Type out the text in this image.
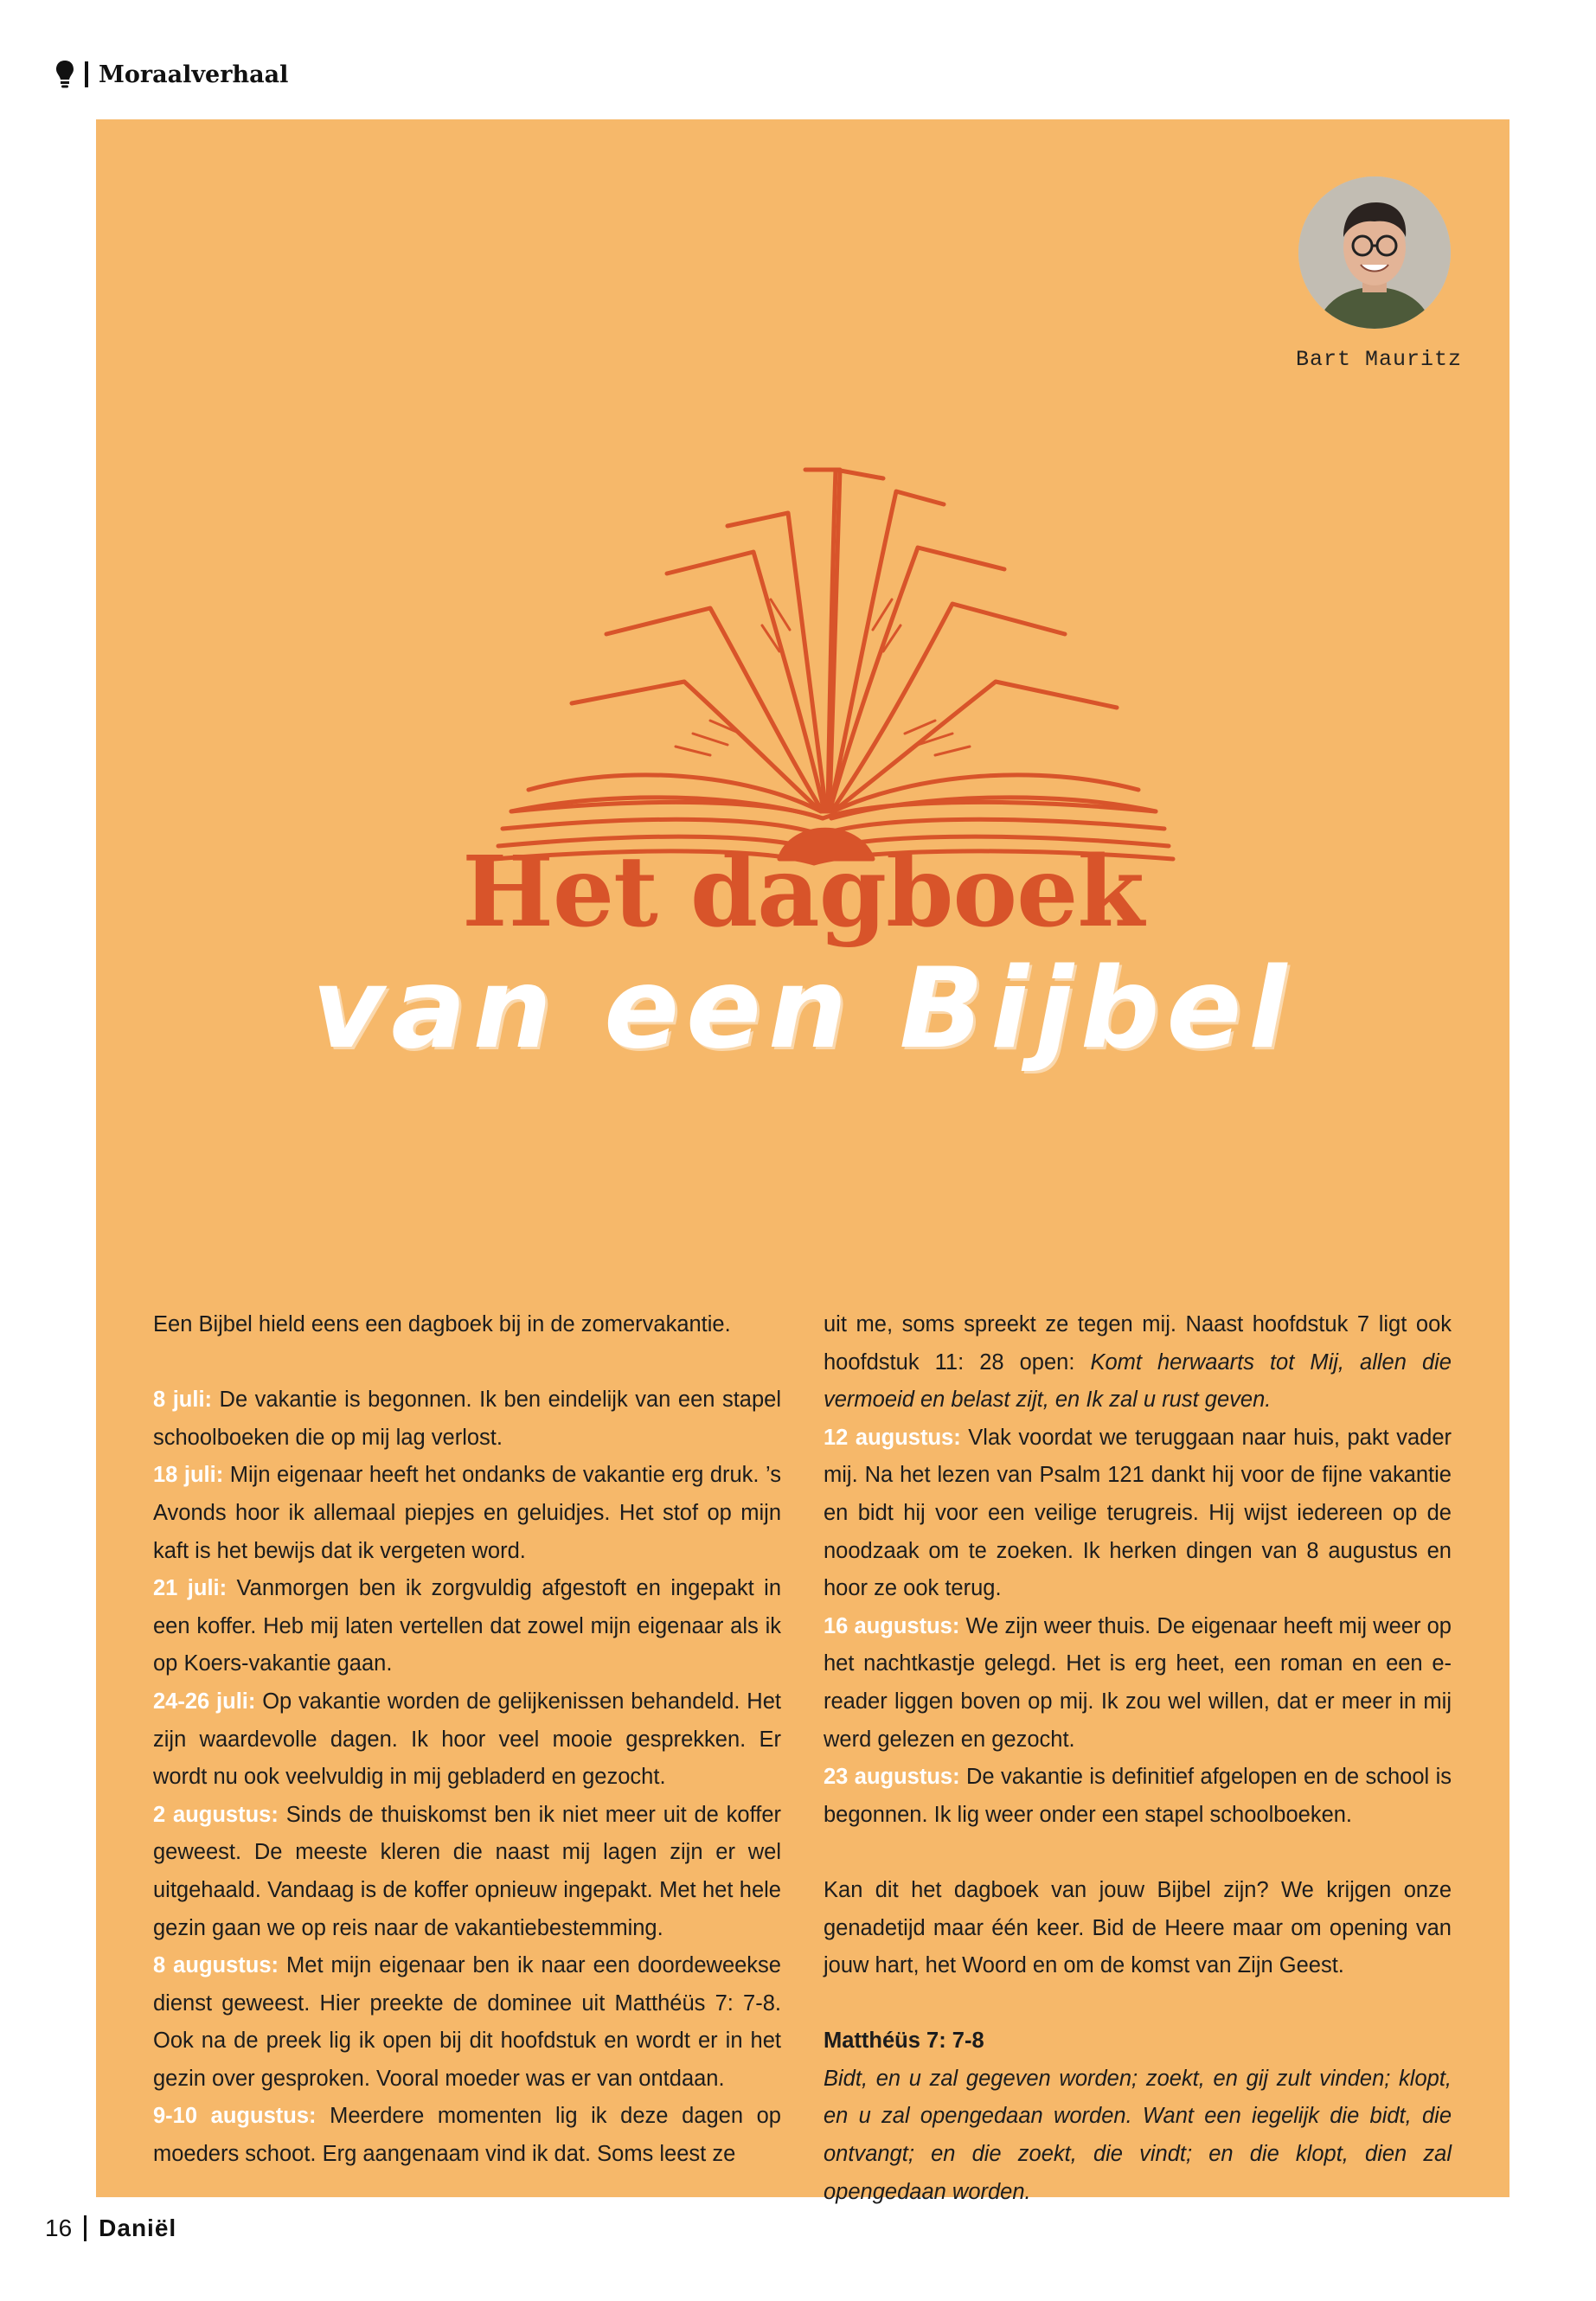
Moraalverhaal
Bart Mauritz
Het dagboek
van een Bijbel

Een Bijbel hield eens een dagboek bij in de zomervakantie.

8 juli: De vakantie is begonnen. Ik ben eindelijk van een stapel schoolboeken die op mij lag verlost.

18 juli: Mijn eigenaar heeft het ondanks de vakantie erg druk. ’s Avonds hoor ik allemaal piepjes en geluidjes. Het stof op mijn kaft is het bewijs dat ik vergeten word.

21 juli: Vanmorgen ben ik zorgvuldig afgestoft en ingepakt in een koffer. Heb mij laten vertellen dat zowel mijn eigenaar als ik op Koers-vakantie gaan.

24-26 juli: Op vakantie worden de gelijkenissen behandeld. Het zijn waardevolle dagen. Ik hoor veel mooie gesprekken. Er wordt nu ook veelvuldig in mij gebladerd en gezocht.

2 augustus: Sinds de thuiskomst ben ik niet meer uit de koffer geweest. De meeste kleren die naast mij lagen zijn er wel uitgehaald. Vandaag is de koffer opnieuw ingepakt. Met het hele gezin gaan we op reis naar de vakantiebestemming.

8 augustus: Met mijn eigenaar ben ik naar een doordeweekse dienst geweest. Hier preekte de dominee uit Matthéüs 7: 7-8. Ook na de preek lig ik open bij dit hoofdstuk en wordt er in het gezin over gesproken. Vooral moeder was er van ontdaan.

9-10 augustus: Meerdere momenten lig ik deze dagen op moeders schoot. Erg aangenaam vind ik dat. Soms leest ze

uit me, soms spreekt ze tegen mij. Naast hoofdstuk 7 ligt ook hoofdstuk 11: 28 open: Komt herwaarts tot Mij, allen die vermoeid en belast zijt, en Ik zal u rust geven.

12 augustus: Vlak voordat we teruggaan naar huis, pakt vader mij. Na het lezen van Psalm 121 dankt hij voor de fijne vakantie en bidt hij voor een veilige terugreis. Hij wijst iedereen op de noodzaak om te zoeken. Ik herken dingen van 8 augustus en hoor ze ook terug.

16 augustus: We zijn weer thuis. De eigenaar heeft mij weer op het nachtkastje gelegd. Het is erg heet, een roman en een e-reader liggen boven op mij. Ik zou wel willen, dat er meer in mij werd gelezen en gezocht.

23 augustus: De vakantie is definitief afgelopen en de school is begonnen. Ik lig weer onder een stapel schoolboeken.

Kan dit het dagboek van jouw Bijbel zijn? We krijgen onze genadetijd maar één keer. Bid de Heere maar om opening van jouw hart, het Woord en om de komst van Zijn Geest.

Matthéüs 7: 7-8

Bidt, en u zal gegeven worden; zoekt, en gij zult vinden; klopt, en u zal opengedaan worden. Want een iegelijk die bidt, die ontvangt; en die zoekt, die vindt; en die klopt, dien zal opengedaan worden.

16 Daniël
